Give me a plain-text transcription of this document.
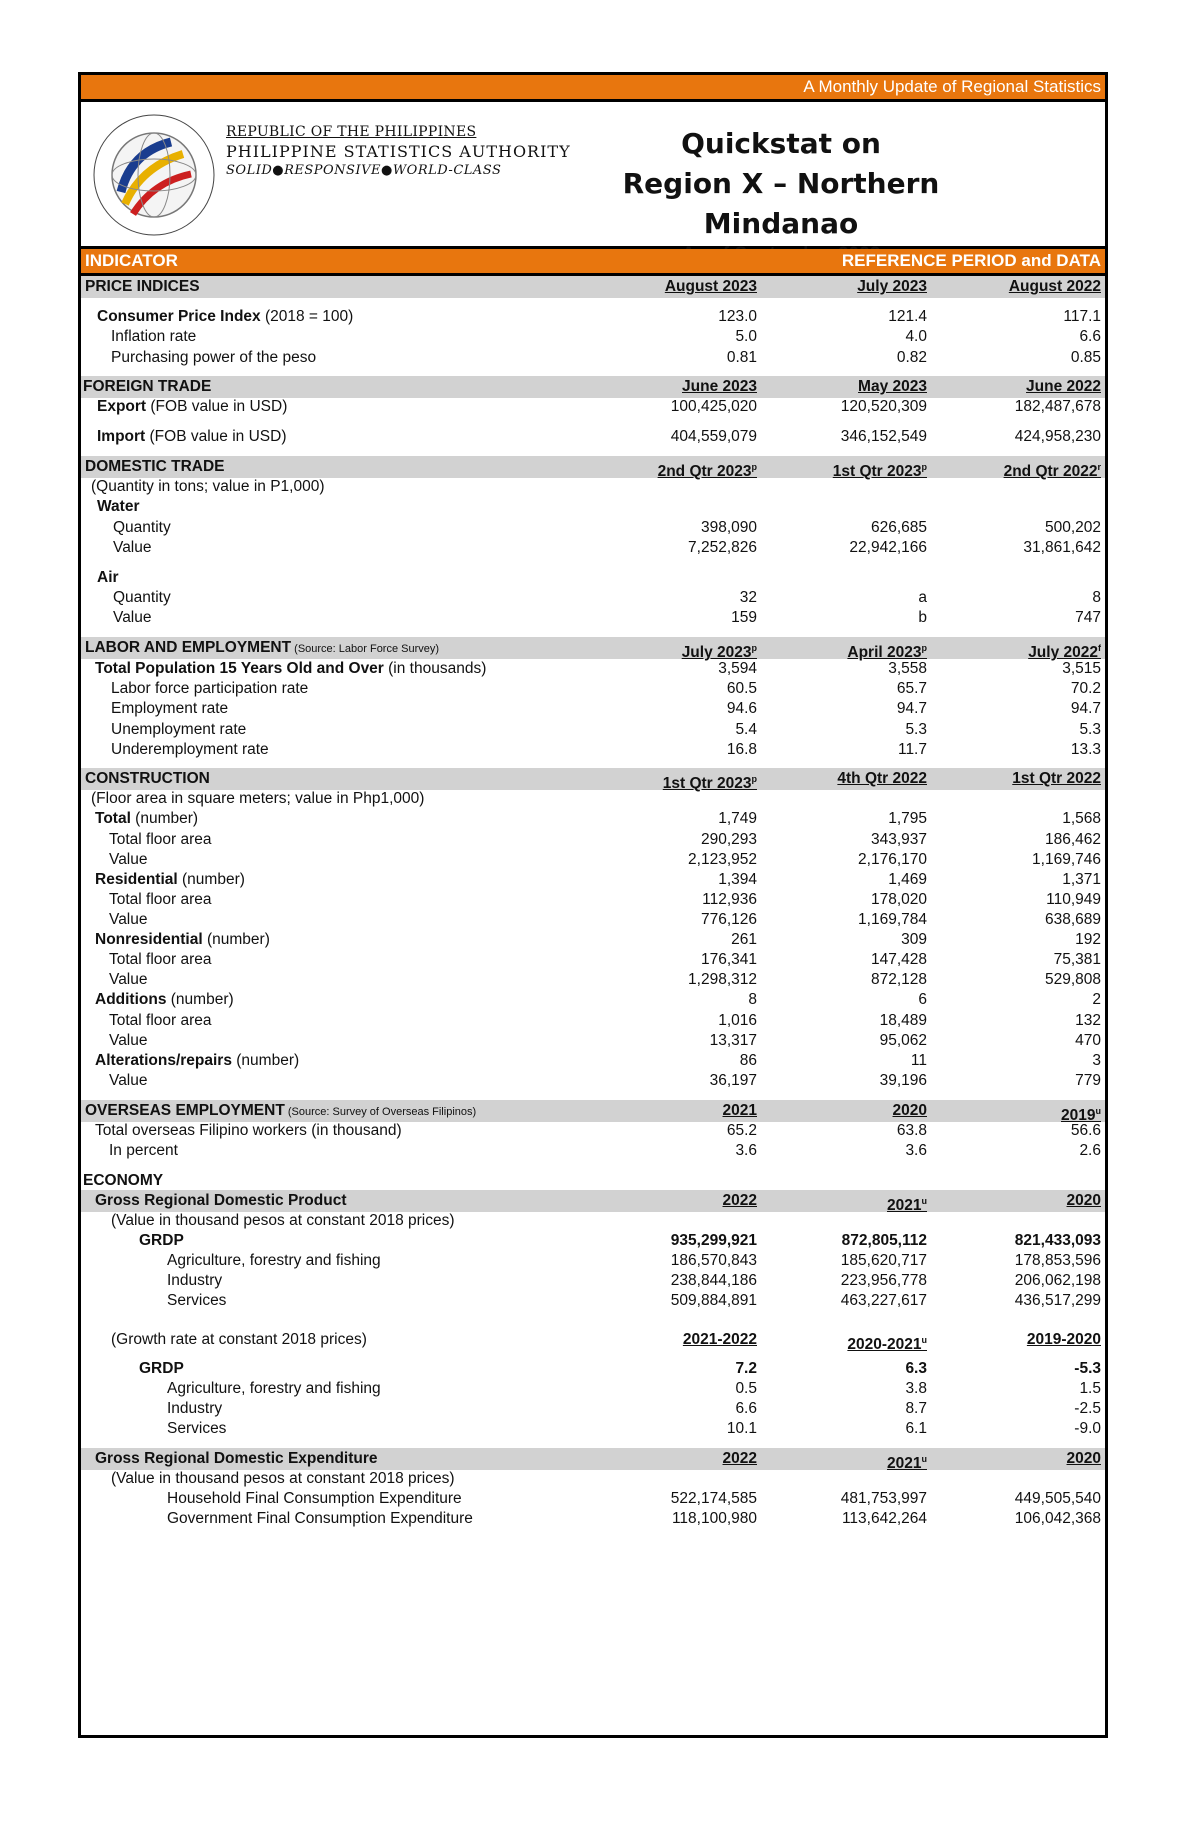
A Monthly Update of Regional Statistics
REPUBLIC OF THE PHILIPPINES
PHILIPPINE STATISTICS AUTHORITY
SOLID●RESPONSIVE●WORLD-CLASS
Quickstat on
Region X – Northern Mindanao
INDICATOR	REFERENCE PERIOD and DATA
PRICE INDICES	August 2023	July 2023	August 2022
Consumer Price Index (2018 = 100)	123.0	121.4	117.1
Inflation rate	5.0	4.0	6.6
Purchasing power of the peso	0.81	0.82	0.85
FOREIGN TRADE	June 2023	May 2023	June 2022
Export (FOB value in USD)	100,425,020	120,520,309	182,487,678
Import (FOB value in USD)	404,559,079	346,152,549	424,958,230
DOMESTIC TRADE	2nd Qtr 2023$^p$	1st Qtr 2023$^p$	2nd Qtr 2022$^r$
(Quantity in tons; value in P1,000)
Water
Quantity	398,090	626,685	500,202
Value	7,252,826	22,942,166	31,861,642
Air
Quantity	32	a	8
Value	159	b	747
LABOR AND EMPLOYMENT (Source: Labor Force Survey)	July 2023$^p$	April 2023$^p$	July 2022$^f$
Total Population 15 Years Old and Over (in thousands)	3,594	3,558	3,515
Labor force participation rate	60.5	65.7	70.2
Employment rate	94.6	94.7	94.7
Unemployment rate	5.4	5.3	5.3
Underemployment rate	16.8	11.7	13.3
CONSTRUCTION	1st Qtr 2023$^p$	4th Qtr 2022	1st Qtr 2022
(Floor area in square meters; value in Php1,000)
Total (number)	1,749	1,795	1,568
Total floor area	290,293	343,937	186,462
Value	2,123,952	2,176,170	1,169,746
Residential (number)	1,394	1,469	1,371
Total floor area	112,936	178,020	110,949
Value	776,126	1,169,784	638,689
Nonresidential (number)	261	309	192
Total floor area	176,341	147,428	75,381
Value	1,298,312	872,128	529,808
Additions (number)	8	6	2
Total floor area	1,016	18,489	132
Value	13,317	95,062	470
Alterations/repairs (number)	86	11	3
Value	36,197	39,196	779
OVERSEAS EMPLOYMENT (Source: Survey of Overseas Filipinos)	2021	2020	2019$^u$
Total overseas Filipino workers (in thousand)	65.2	63.8	56.6
In percent	3.6	3.6	2.6
ECONOMY
Gross Regional Domestic Product	2022	2021$^u$	2020
(Value in thousand pesos at constant 2018 prices)
GRDP	935,299,921	872,805,112	821,433,093
Agriculture, forestry and fishing	186,570,843	185,620,717	178,853,596
Industry	238,844,186	223,956,778	206,062,198
Services	509,884,891	463,227,617	436,517,299
(Growth rate at constant 2018 prices)	2021-2022	2020-2021$^u$	2019-2020
GRDP	7.2	6.3	-5.3
Agriculture, forestry and fishing	0.5	3.8	1.5
Industry	6.6	8.7	-2.5
Services	10.1	6.1	-9.0
Gross Regional Domestic Expenditure	2022	2021$^u$	2020
(Value in thousand pesos at constant 2018 prices)
Household Final Consumption Expenditure	522,174,585	481,753,997	449,505,540
Government Final Consumption Expenditure	118,100,980	113,642,264	106,042,368
